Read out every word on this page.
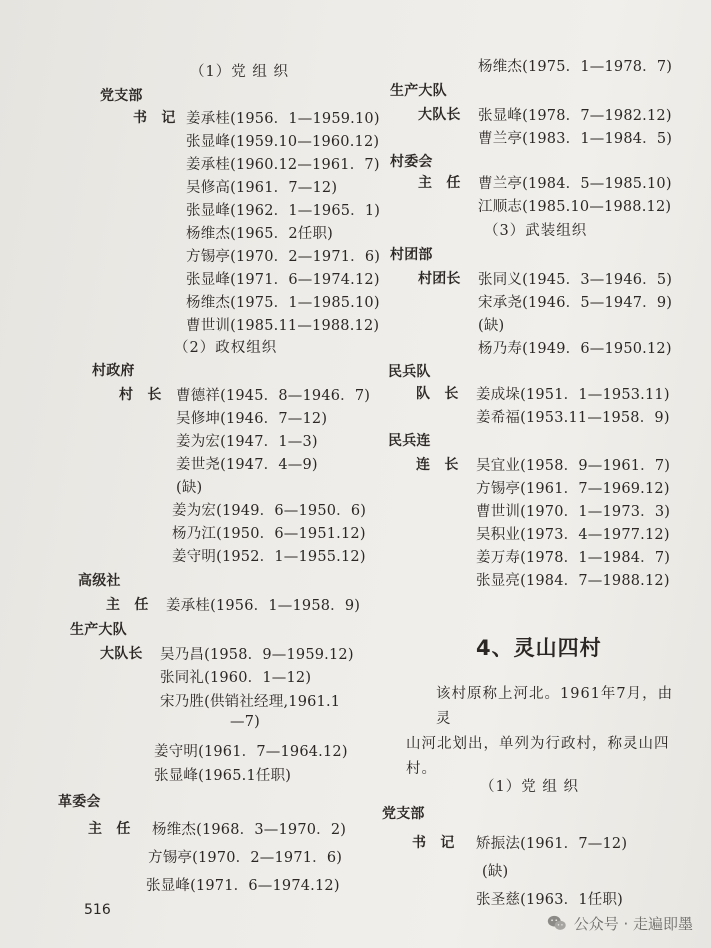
（1）党 组 织
党支部
书　记 姜承桂(1956．1—1959.10)
张显峰(1959.10—1960.12)
姜承桂(1960.12—1961．7)
吴修高(1961．7—12)
张显峰(1962．1—1965．1)
杨维杰(1965．2任职)
方锡亭(1970．2—1971．6)
张显峰(1971．6—1974.12)
杨维杰(1975．1—1985.10)
曹世训(1985.11—1988.12)
（2）政权组织
村政府
村　长 曹德祥(1945．8—1946．7)
吴修坤(1946．7—12)
姜为宏(1947．1—3)
姜世尧(1947．4—9)
(缺)
姜为宏(1949．6—1950．6)
杨乃江(1950．6—1951.12)
姜守明(1952．1—1955.12)
高级社
主　任 姜承桂(1956．1—1958．9)
生产大队
大队长 吴乃昌(1958．9—1959.12)
张同礼(1960．1—12)
宋乃胜(供销社经理,1961.1
—7)
姜守明(1961．7—1964.12)
张显峰(1965.1任职)
革委会
主　任 杨维杰(1968．3—1970．2)
方锡亭(1970．2—1971．6)
张显峰(1971．6—1974.12)
516
杨维杰(1975．1—1978．7)
生产大队
大队长 张显峰(1978．7—1982.12)
曹兰亭(1983．1—1984．5)
村委会
主　任 曹兰亭(1984．5—1985.10)
江顺志(1985.10—1988.12)
（3）武装组织
村团部
村团长 张同义(1945．3—1946．5)
宋承尧(1946．5—1947．9)
(缺)
杨乃寿(1949．6—1950.12)
民兵队
队　长 姜成垛(1951．1—1953.11)
姜希福(1953.11—1958．9)
民兵连
连　长 吴宜业(1958．9—1961．7)
方锡亭(1961．7—1969.12)
曹世训(1970．1—1973．3)
吴积业(1973．4—1977.12)
姜万寿(1978．1—1984．7)
张显亮(1984．7—1988.12)
4、灵山四村
该村原称上河北。1961年7月，由灵
山河北划出，单列为行政村，称灵山四
村。
（1）党 组 织
党支部
书　记 矫振法(1961．7—12)
(缺)
张圣慈(1963．1任职)
公众号 · 走遍即墨
